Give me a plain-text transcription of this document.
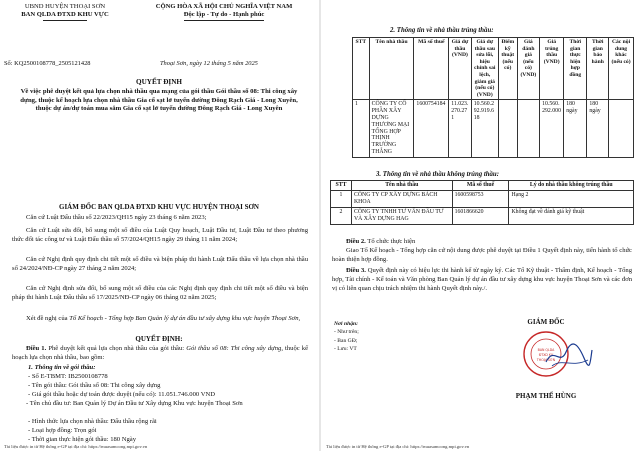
UBND HUYỆN THOẠI SƠN
BAN QLDA ĐTXD KHU VỰC
CỘNG HÒA XÃ HỘI CHỦ NGHĨA VIỆT NAM
Độc lập - Tự do - Hạnh phúc
Số: KQ2500108778_2505121428	Thoại Sơn, ngày 12 tháng 5 năm 2025
QUYẾT ĐỊNH
Về việc phê duyệt kết quả lựa chọn nhà thầu qua mạng của gói thầu Gói thầu số 08: Thi công xây dựng, thuộc kế hoạch lựa chọn nhà thầu Gia cố sạt lở tuyến đường Đông Rạch Giá - Long Xuyên, thuộc dự án/dự toán mua sắm Gia cố sạt lở tuyến đường Đông Rạch Giá - Long Xuyên
GIÁM ĐỐC BAN QLDA ĐTXD KHU VỰC HUYỆN THOẠI SƠN
Căn cứ Luật Đấu thầu số 22/2023/QH15 ngày 23 tháng 6 năm 2023;
Căn cứ Luật sửa đổi, bổ sung một số điều của Luật Quy hoạch, Luật Đầu tư, Luật Đầu tư theo phương thức đối tác công tư và Luật Đấu thầu số 57/2024/QH15 ngày 29 tháng 11 năm 2024;
Căn cứ Nghị định quy định chi tiết một số điều và biện pháp thi hành Luật Đấu thầu về lựa chọn nhà thầu số 24/2024/NĐ-CP ngày 27 tháng 2 năm 2024;
Căn cứ Nghị định sửa đổi, bổ sung một số điều của các Nghị định quy định chi tiết một số điều và biện pháp thi hành Luật Đấu thầu số 17/2025/NĐ-CP ngày 06 tháng 02 năm 2025;
Xét đề nghị của Tổ Kế hoạch - Tổng hợp Ban Quản lý dự án đầu tư xây dựng khu vực huyện Thoại Sơn,
QUYẾT ĐỊNH:
Điều 1. Phê duyệt kết quả lựa chọn nhà thầu của gói thầu: Gói thầu số 08: Thi công xây dựng, thuộc kế hoạch lựa chọn nhà thầu, bao gồm:
1. Thông tin về gói thầu:
- Số E-TBMT: IB2500108778
- Tên gói thầu: Gói thầu số 08: Thi công xây dựng
- Giá gói thầu hoặc dự toán được duyệt (nếu có): 11.051.746.000 VND
- Tên chủ đầu tư: Ban Quản lý Dự án Đầu tư Xây dựng Khu vực huyện Thoại Sơn
- Hình thức lựa chọn nhà thầu: Đấu thầu rộng rãi
- Loại hợp đồng: Trọn gói
- Thời gian thực hiện gói thầu: 180 Ngày
Tài liệu được in từ Hệ thống e-GP tại địa chỉ: https://muasamcong.mpi.gov.vn
2. Thông tin về nhà thầu trúng thầu:
STT	Tên nhà thầu	Mã số thuế	Giá dự thầu (VND)	Giá dự thầu sau sửa lỗi, hiệu chỉnh sai lệch, giảm giá (nếu có) (VND)	Điểm kỹ thuật (nếu có)	Giá đánh giá (nếu có) (VND)	Giá trúng thầu (VND)	Thời gian thực hiện hợp đồng	Thời gian bảo hành	Các nội dung khác (nếu có)
1	CÔNG TY CỔ PHẦN XÂY DỰNG THƯƠNG MẠI TỔNG HỢP THỊNH TRƯỜNG THẮNG	1600754184	11.023.270.271	10.560.292.919.618			10.560.292.000	180 ngày	180 ngày	
3. Thông tin về nhà thầu không trúng thầu:
STT	Tên nhà thầu	Mã số thuế	Lý do nhà thầu không trúng thầu
1	CÔNG TY CP XÂY DỰNG BÁCH KHOA	1600598753	Hạng 2
2	CÔNG TY TNHH TƯ VẤN ĐẦU TƯ VÀ XÂY DỰNG HAG	1601866620	Không đạt về đánh giá kỹ thuật
Điều 2. Tổ chức thực hiện
Giao Tổ Kế hoạch - Tổng hợp căn cứ nội dung được phê duyệt tại Điều 1 Quyết định này, tiến hành tổ chức hoàn thiện hợp đồng.
Điều 3. Quyết định này có hiệu lực thi hành kể từ ngày ký. Các Tổ Kỹ thuật - Thẩm định, Kế hoạch - Tổng hợp, Tài chính - Kế toán và Văn phòng Ban Quản lý dự án đầu tư xây dựng khu vực huyện Thoại Sơn và các đơn vị có liên quan chịu trách nhiệm thi hành Quyết định này./.
Nơi nhận:
- Như trên;
- Ban GĐ;
- Lưu: VT
GIÁM ĐỐC
BAN QLDA
ĐTXD KV
THOẠI SƠN
PHẠM THẾ HÙNG
Tài liệu được in từ Hệ thống e-GP tại địa chỉ: https://muasamcong.mpi.gov.vn
